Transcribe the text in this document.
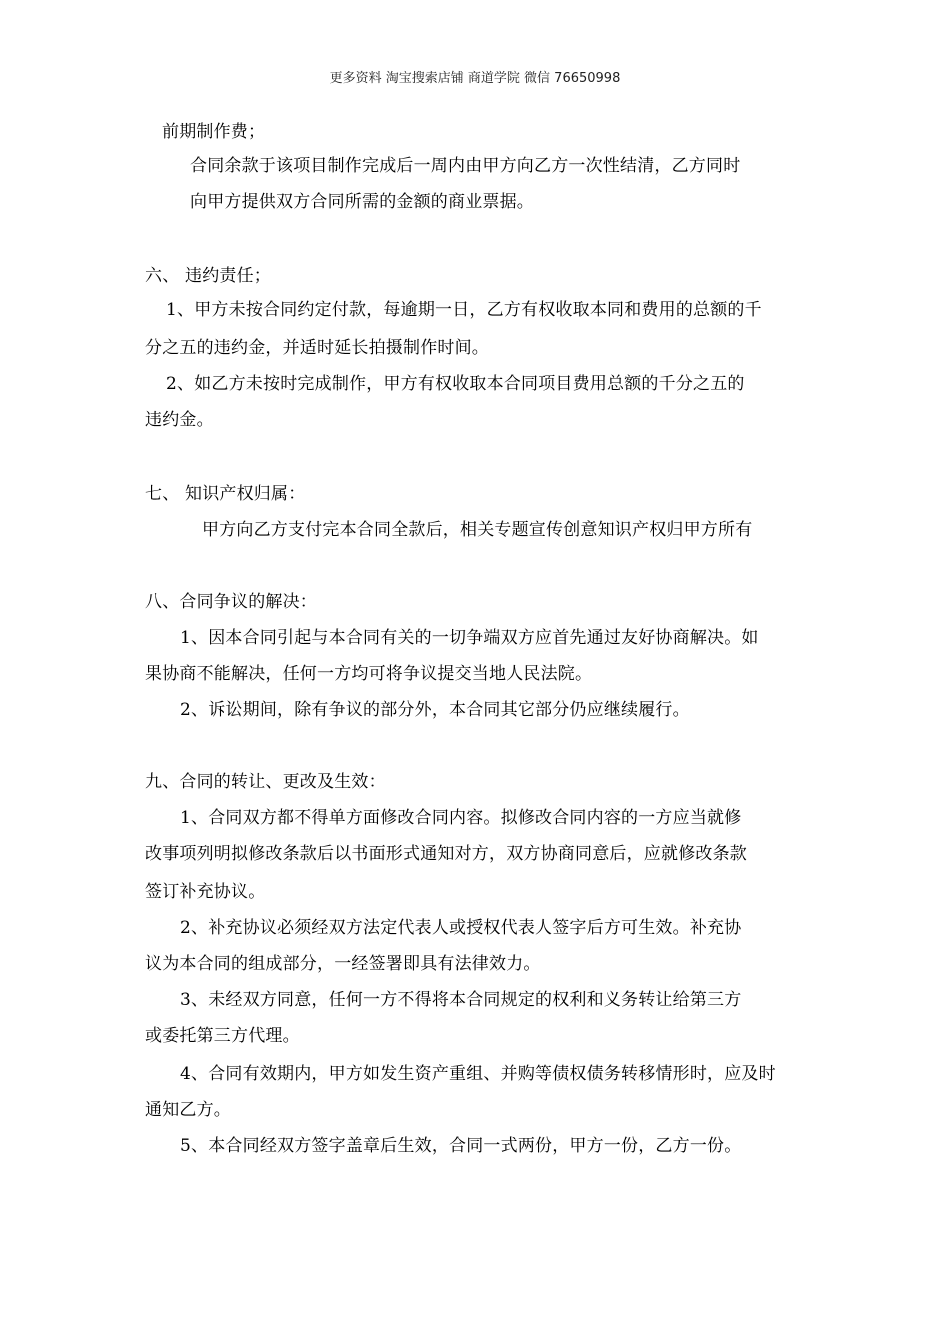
更多资料 淘宝搜索店铺 商道学院 微信 76650998
前期制作费；
合同余款于该项目制作完成后一周内由甲方向乙方一次性结清，乙方同时
向甲方提供双方合同所需的金额的商业票据。
六、 违约责任；
1、甲方未按合同约定付款，每逾期一日，乙方有权收取本同和费用的总额的千
分之五的违约金，并适时延长拍摄制作时间。
2、如乙方未按时完成制作，甲方有权收取本合同项目费用总额的千分之五的
违约金。
七、 知识产权归属：
甲方向乙方支付完本合同全款后，相关专题宣传创意知识产权归甲方所有
八、合同争议的解决：
1、因本合同引起与本合同有关的一切争端双方应首先通过友好协商解决。如
果协商不能解决，任何一方均可将争议提交当地人民法院。
2、诉讼期间，除有争议的部分外，本合同其它部分仍应继续履行。
九、合同的转让、更改及生效：
1、合同双方都不得单方面修改合同内容。拟修改合同内容的一方应当就修
改事项列明拟修改条款后以书面形式通知对方，双方协商同意后，应就修改条款
签订补充协议。
2、补充协议必须经双方法定代表人或授权代表人签字后方可生效。补充协
议为本合同的组成部分，一经签署即具有法律效力。
3、未经双方同意，任何一方不得将本合同规定的权利和义务转让给第三方
或委托第三方代理。
4、合同有效期内，甲方如发生资产重组、并购等债权债务转移情形时，应及时
通知乙方。
5、本合同经双方签字盖章后生效，合同一式两份，甲方一份，乙方一份。
